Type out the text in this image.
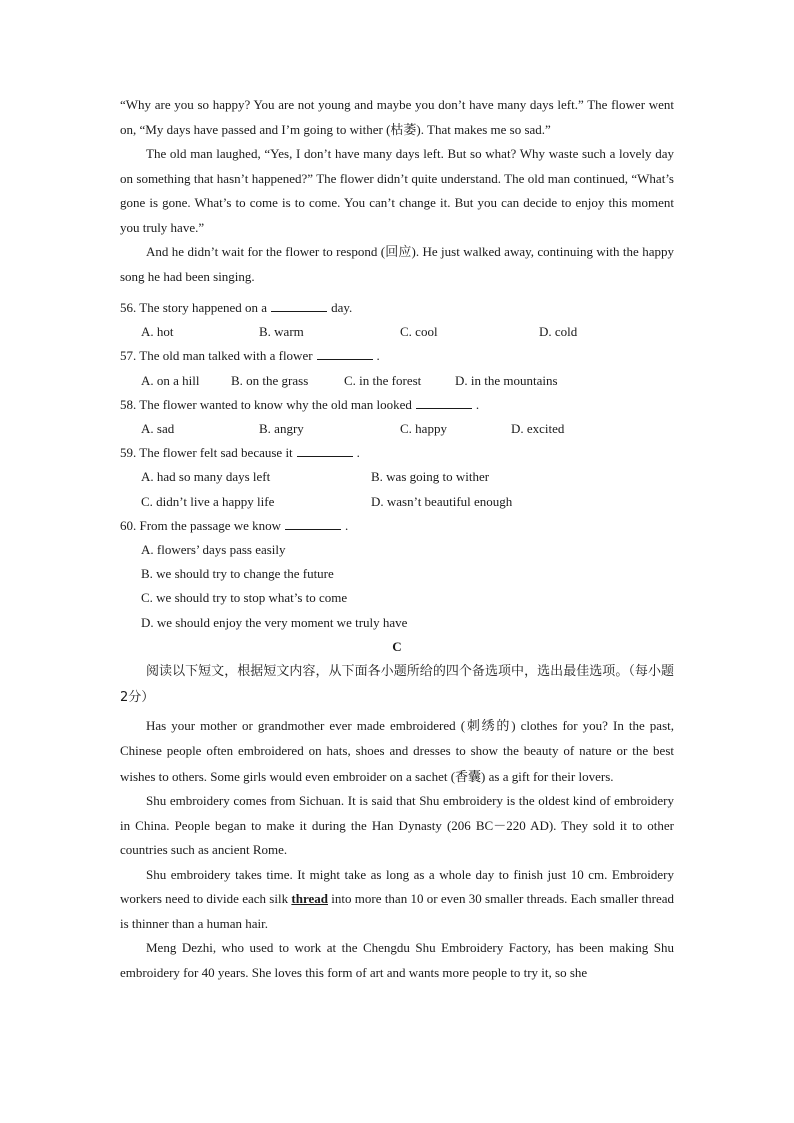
“Why are you so happy? You are not young and maybe you don’t have many days left.” The flower went on, “My days have passed and I’m going to wither (枯萎). That makes me so sad.”

The old man laughed, “Yes, I don’t have many days left. But so what? Why waste such a lovely day on something that hasn’t happened?” The flower didn’t quite understand. The old man continued, “What’s gone is gone. What’s to come is to come. You can’t change it. But you can decide to enjoy this moment you truly have.”

And he didn’t wait for the flower to respond (回应). He just walked away, continuing with the happy song he had been singing.

56. The story happened on a	day.
A. hot	B. warm	C. cool	D. cold
57. The old man talked with a flower	.
A. on a hill B. on the grass	C. in the forest	D. in the mountains
58. The flower wanted to know why the old man looked	.
A. sad	B. angry	C. happy	D. excited
59. The flower felt sad because it	.
A. had so many days left	B. was going to wither
C. didn’t live a happy life	D. wasn’t beautiful enough
60. From the passage we know	.
A. flowers’ days pass easily
B. we should try to change the future
C. we should try to stop what’s to come
D. we should enjoy the very moment we truly have
C

阅读以下短文，根据短文内容，从下面各小题所给的四个备选项中，选出最佳选项。（每小题 2分）

Has your mother or grandmother ever made embroidered (刺绣的) clothes for you? In the past, Chinese people often embroidered on hats, shoes and dresses to show the beauty of nature or the best wishes to others. Some girls would even embroider on a sachet (香囊) as a gift for their lovers.

Shu embroidery comes from Sichuan. It is said that Shu embroidery is the oldest kind of embroidery in China. People began to make it during the Han Dynasty (206 BC－220 AD). They sold it to other countries such as ancient Rome.

Shu embroidery takes time. It might take as long as a whole day to finish just 10 cm. Embroidery workers need to divide each silk thread into more than 10 or even 30 smaller threads. Each smaller thread is thinner than a human hair.

Meng Dezhi, who used to work at the Chengdu Shu Embroidery Factory, has been making Shu embroidery for 40 years. She loves this form of art and wants more people to try it, so she
